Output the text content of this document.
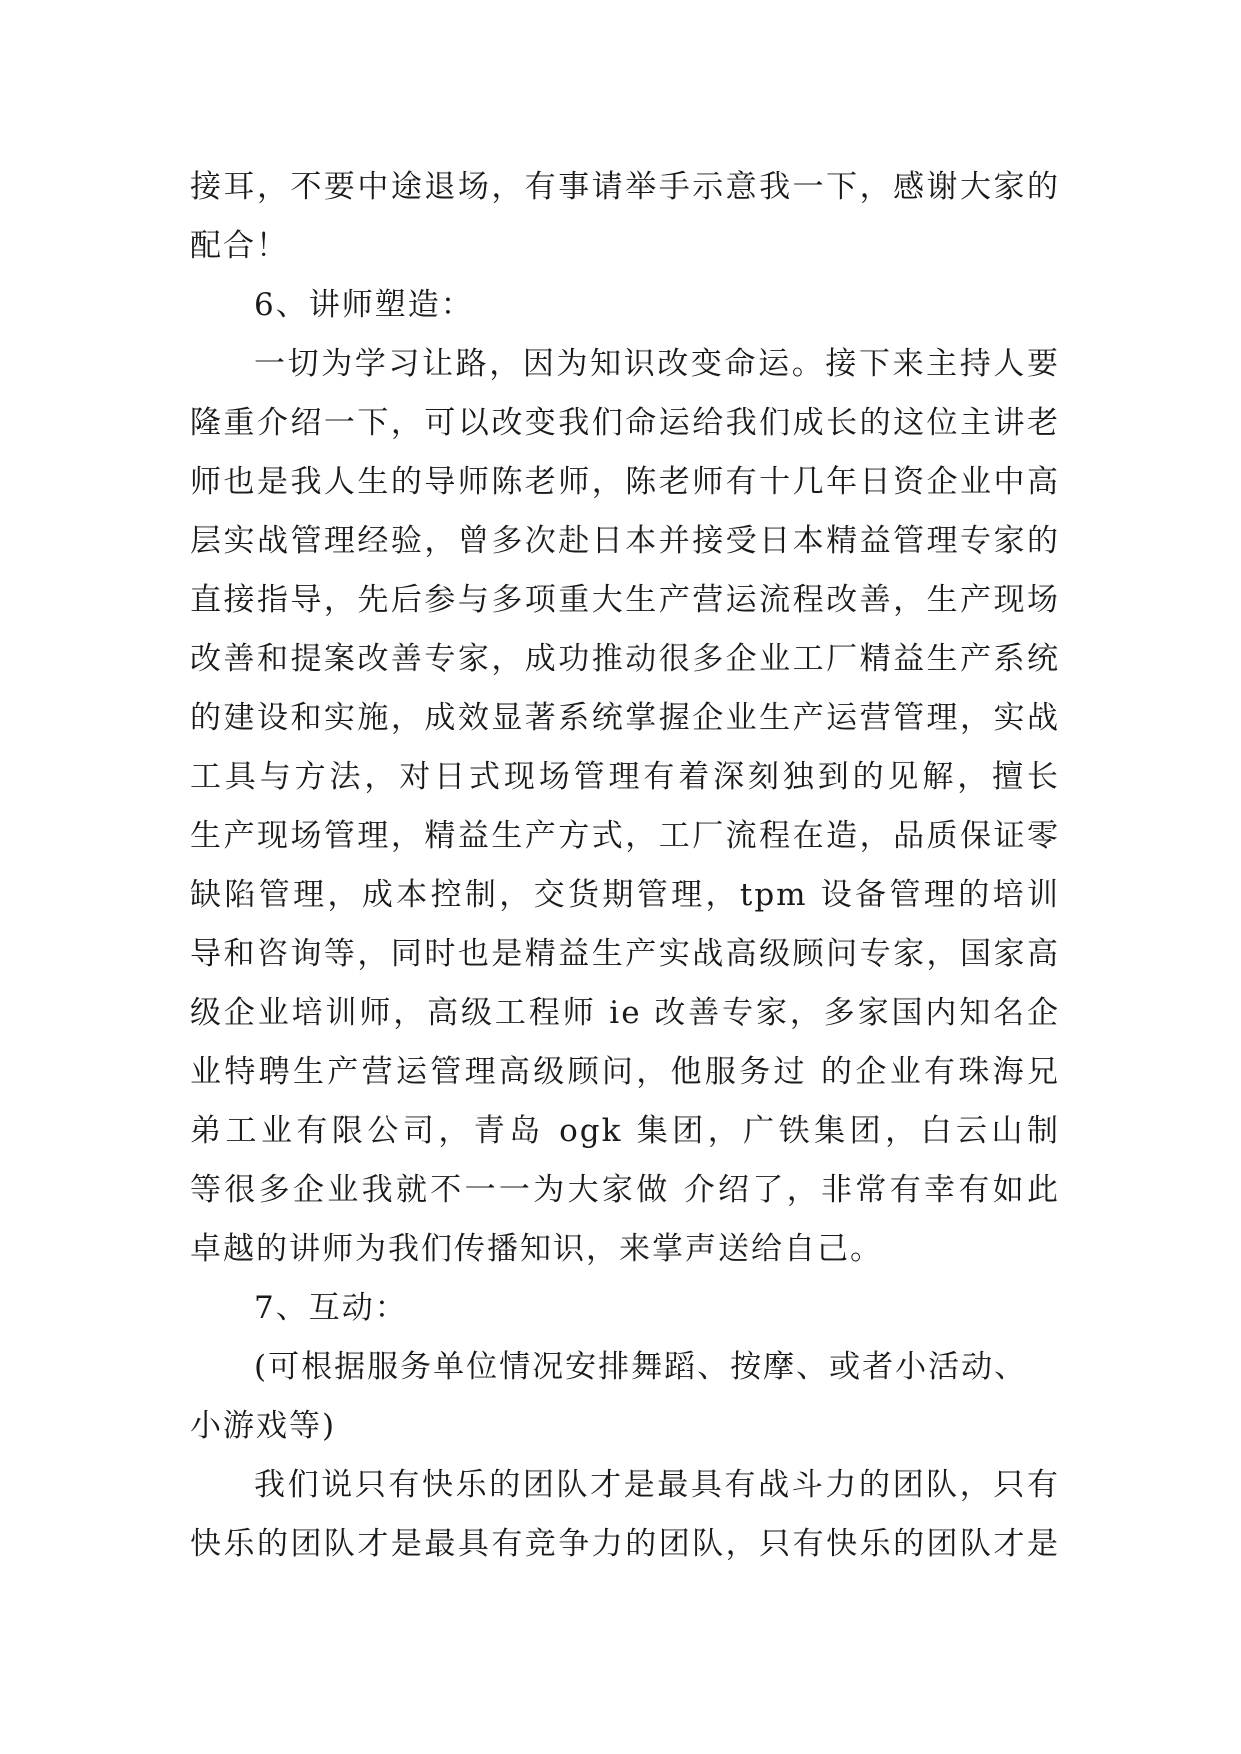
接耳，不要中途退场，有事请举手示意我一下，感谢大家的
配合！
6、讲师塑造：
一切为学习让路，因为知识改变命运。接下来主持人要
隆重介绍一下，可以改变我们命运给我们成长的这位主讲老
师也是我人生的导师陈老师，陈老师有十几年日资企业中高
层实战管理经验，曾多次赴日本并接受日本精益管理专家的
直接指导，先后参与多项重大生产营运流程改善，生产现场
改善和提案改善专家，成功推动很多企业工厂精益生产系统
的建设和实施，成效显著系统掌握企业生产运营管理，实战
工具与方法，对日式现场管理有着深刻独到的见解，擅长
生产现场管理，精益生产方式，工厂流程在造，品质保证零
缺陷管理，成本控制，交货期管理，tpm 设备管理的培训
导和咨询等，同时也是精益生产实战高级顾问专家，国家高
级企业培训师，高级工程师 ie 改善专家，多家国内知名企
业特聘生产营运管理高级顾问，他服务过 的企业有珠海兄
弟工业有限公司，青岛 ogk 集团，广铁集团，白云山制
等很多企业我就不一一为大家做 介绍了，非常有幸有如此
卓越的讲师为我们传播知识，来掌声送给自己。
7、互动：
(可根据服务单位情况安排舞蹈、按摩、或者小活动、
小游戏等)
我们说只有快乐的团队才是最具有战斗力的团队，只有
快乐的团队才是最具有竞争力的团队，只有快乐的团队才是
